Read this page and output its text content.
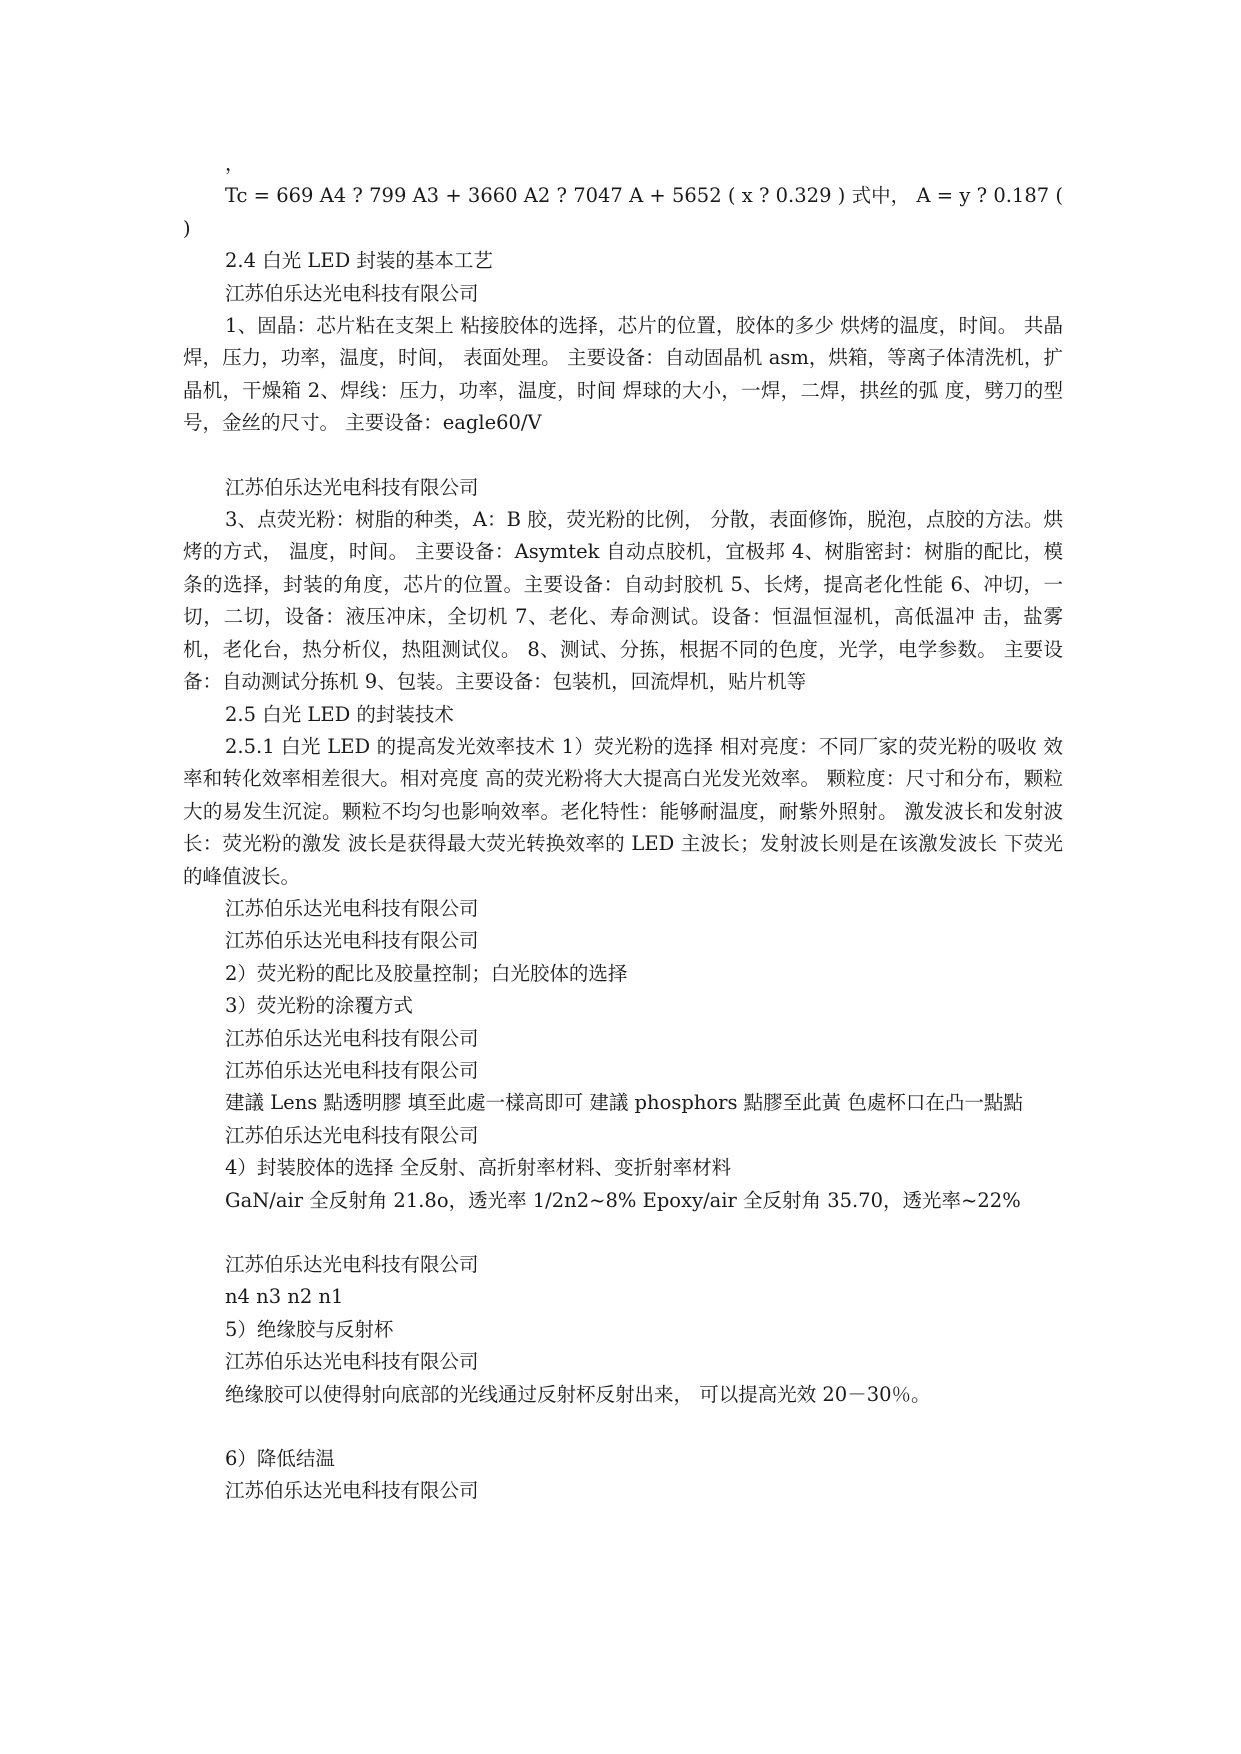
，

Tc = 669 A4 ? 799 A3 + 3660 A2 ? 7047 A + 5652 ( x ? 0.329 ) 式中， A = y ? 0.187 ( )

2.4 白光 LED 封装的基本工艺

江苏伯乐达光电科技有限公司

1、固晶：芯片粘在支架上 粘接胶体的选择，芯片的位置，胶体的多少 烘烤的温度，时间。 共晶焊，压力，功率，温度，时间， 表面处理。 主要设备：自动固晶机 asm，烘箱，等离子体清洗机，扩晶机，干燥箱 2、焊线：压力，功率，温度，时间 焊球的大小，一焊，二焊，拱丝的弧 度，劈刀的型号，金丝的尺寸。 主要设备：eagle60/V

江苏伯乐达光电科技有限公司

3、点荧光粉：树脂的种类，A：B 胶，荧光粉的比例， 分散，表面修饰，脱泡，点胶的方法。烘烤的方式， 温度，时间。 主要设备：Asymtek 自动点胶机，宜极邦 4、树脂密封：树脂的配比，模条的选择，封装的角度，芯片的位置。主要设备：自动封胶机 5、长烤，提高老化性能 6、冲切，一切，二切，设备：液压冲床，全切机 7、老化、寿命测试。设备：恒温恒湿机，高低温冲 击，盐雾机，老化台，热分析仪，热阻测试仪。 8、测试、分拣，根据不同的色度，光学，电学参数。 主要设备：自动测试分拣机 9、包装。主要设备：包装机，回流焊机，贴片机等

2.5 白光 LED 的封装技术

2.5.1 白光 LED 的提高发光效率技术 1）荧光粉的选择 相对亮度：不同厂家的荧光粉的吸收 效率和转化效率相差很大。相对亮度 高的荧光粉将大大提高白光发光效率。 颗粒度：尺寸和分布，颗粒大的易发生沉淀。颗粒不均匀也影响效率。老化特性：能够耐温度，耐紫外照射。 激发波长和发射波长：荧光粉的激发 波长是获得最大荧光转换效率的 LED 主波长；发射波长则是在该激发波长 下荧光的峰值波长。

江苏伯乐达光电科技有限公司

江苏伯乐达光电科技有限公司

2）荧光粉的配比及胶量控制；白光胶体的选择

3）荧光粉的涂覆方式

江苏伯乐达光电科技有限公司

江苏伯乐达光电科技有限公司

建議 Lens 點透明膠 填至此處一樣高即可 建議 phosphors 點膠至此黃 色處杯口在凸一點點

江苏伯乐达光电科技有限公司

4）封装胶体的选择 全反射、高折射率材料、变折射率材料

GaN/air 全反射角 21.8o，透光率 1/2n2~8% Epoxy/air 全反射角 35.70，透光率~22%

江苏伯乐达光电科技有限公司

n4 n3 n2 n1

5）绝缘胶与反射杯

江苏伯乐达光电科技有限公司

绝缘胶可以使得射向底部的光线通过反射杯反射出来， 可以提高光效 20－30％。

6）降低结温

江苏伯乐达光电科技有限公司
